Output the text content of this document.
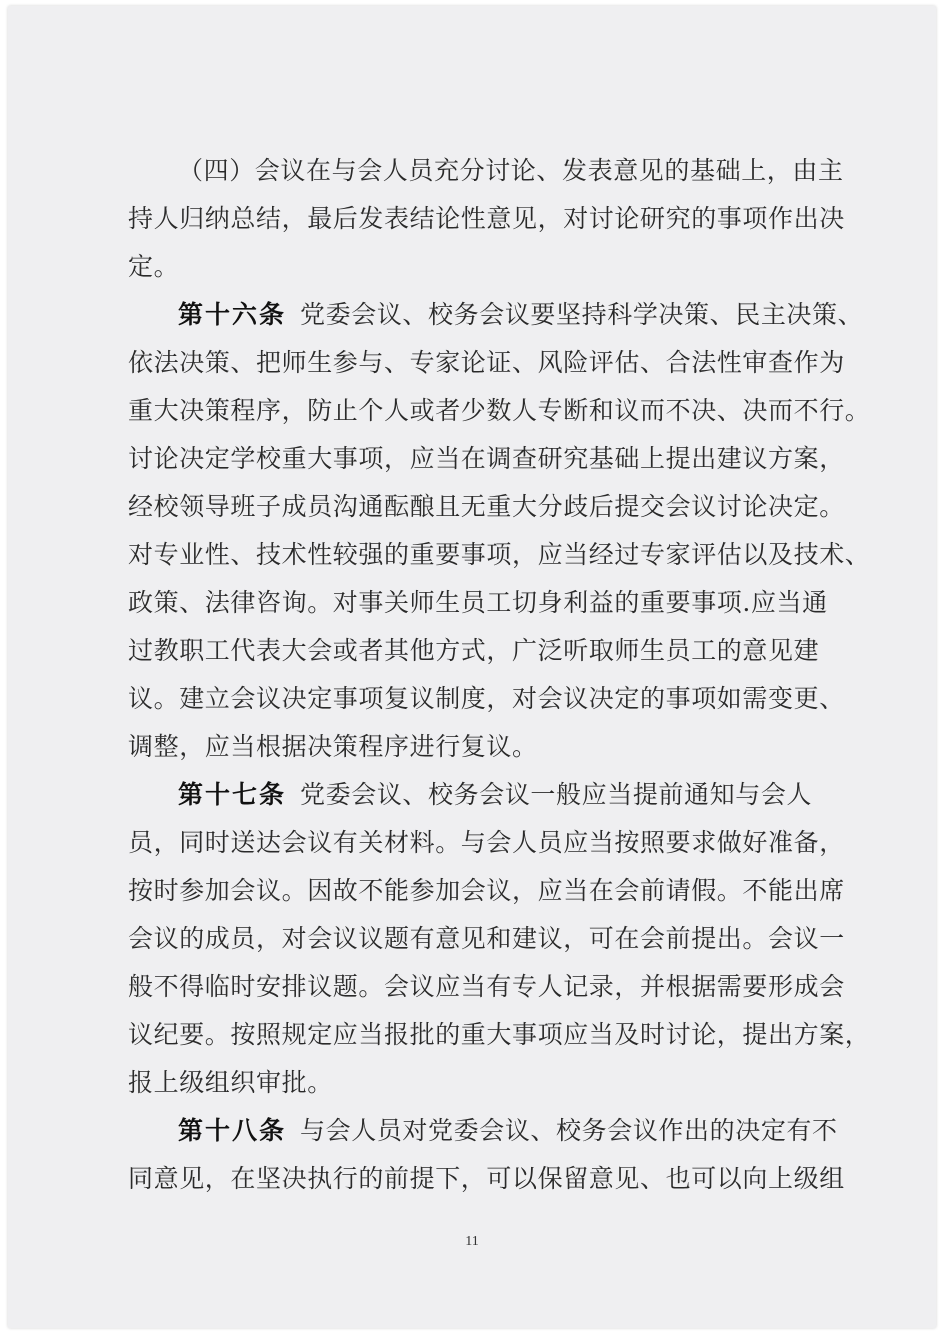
（四）会议在与会人员充分讨论、发表意见的基础上，由主
持人归纳总结，最后发表结论性意见，对讨论研究的事项作出决
定。
第十六条 党委会议、校务会议要坚持科学决策、民主决策、
依法决策、把师生参与、专家论证、风险评估、合法性审查作为
重大决策程序，防止个人或者少数人专断和议而不决、决而不行。
讨论决定学校重大事项，应当在调查研究基础上提出建议方案，
经校领导班子成员沟通酝酿且无重大分歧后提交会议讨论决定。
对专业性、技术性较强的重要事项，应当经过专家评估以及技术、
政策、法律咨询。对事关师生员工切身利益的重要事项.应当通
过教职工代表大会或者其他方式，广泛听取师生员工的意见建
议。建立会议决定事项复议制度，对会议决定的事项如需变更、
调整，应当根据决策程序进行复议。
第十七条 党委会议、校务会议一般应当提前通知与会人
员，同时送达会议有关材料。与会人员应当按照要求做好准备，
按时参加会议。因故不能参加会议，应当在会前请假。不能出席
会议的成员，对会议议题有意见和建议，可在会前提出。会议一
般不得临时安排议题。会议应当有专人记录，并根据需要形成会
议纪要。按照规定应当报批的重大事项应当及时讨论，提出方案，
报上级组织审批。
第十八条 与会人员对党委会议、校务会议作出的决定有不
同意见，在坚决执行的前提下，可以保留意见、也可以向上级组
11
